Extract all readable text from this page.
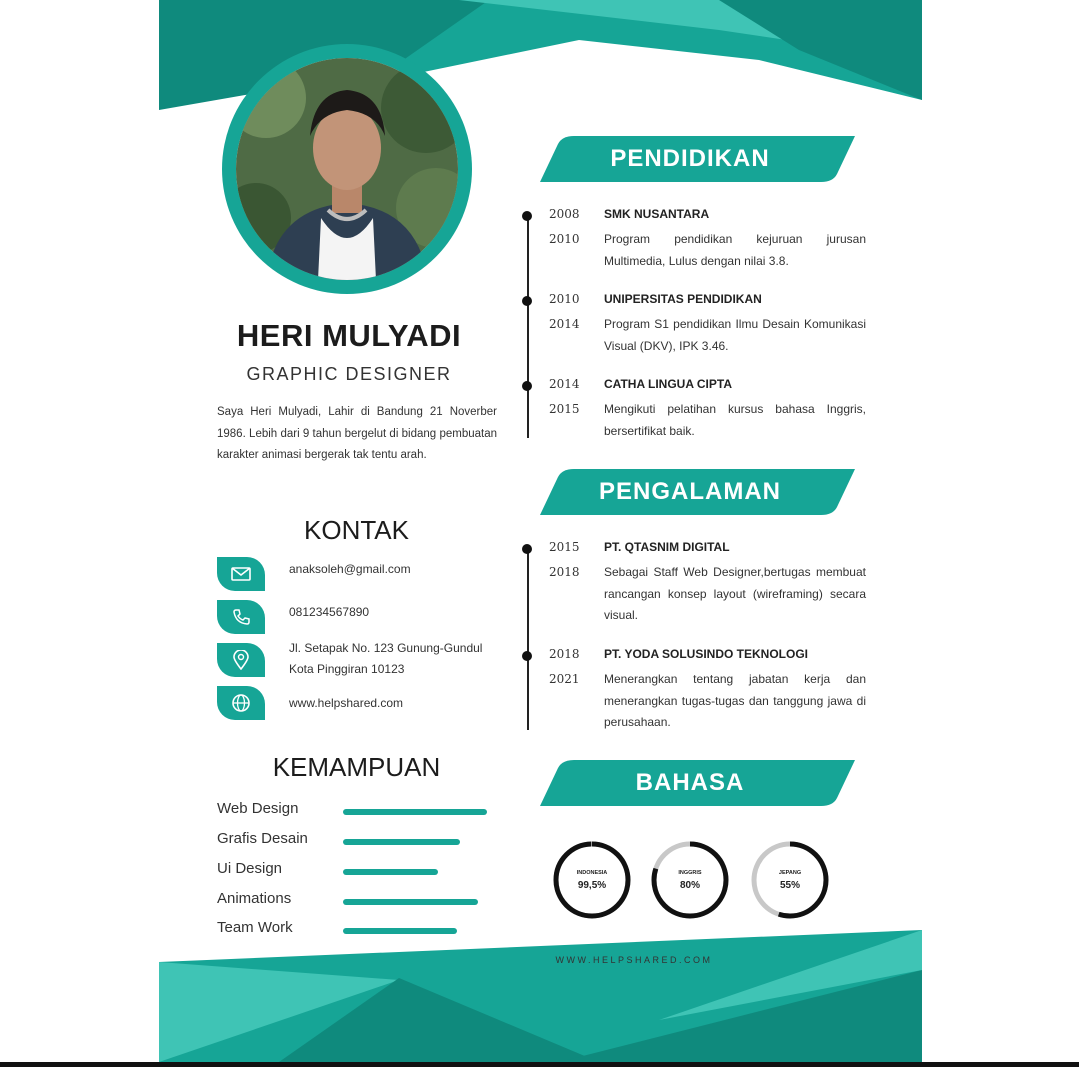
HERI MULYADI
GRAPHIC DESIGNER
Saya Heri Mulyadi, Lahir di Bandung 21 Noverber 1986. Lebih dari 9 tahun bergelut di bidang pembuatan karakter animasi bergerak tak tentu arah.
KONTAK
anaksoleh@gmail.com
081234567890
Jl. Setapak No. 123 Gunung-Gundul Kota Pinggiran 10123
www.helpshared.com
KEMAMPUAN
Web Design
Grafis Desain
Ui Design
Animations
Team Work
PENDIDIKAN
2008
2010
SMK NUSANTARA
Program pendidikan kejuruan jurusan Multimedia, Lulus dengan nilai 3.8.
2010
2014
UNIPERSITAS PENDIDIKAN
Program S1 pendidikan Ilmu Desain Komunikasi Visual (DKV), IPK 3.46.
2014
2015
CATHA LINGUA CIPTA
Mengikuti pelatihan kursus bahasa Inggris, bersertifikat baik.
PENGALAMAN
2015
2018
PT. QTASNIM DIGITAL
Sebagai Staff Web Designer,bertugas membuat rancangan konsep layout (wireframing) secara visual.
2018
2021
PT. YODA SOLUSINDO TEKNOLOGI
Menerangkan tentang jabatan kerja dan menerangkan tugas-tugas dan tanggung jawa di perusahaan.
BAHASA
INDONESIA
99,5%
INGGRIS
80%
JEPANG
55%
WWW.HELPSHARED.COM
